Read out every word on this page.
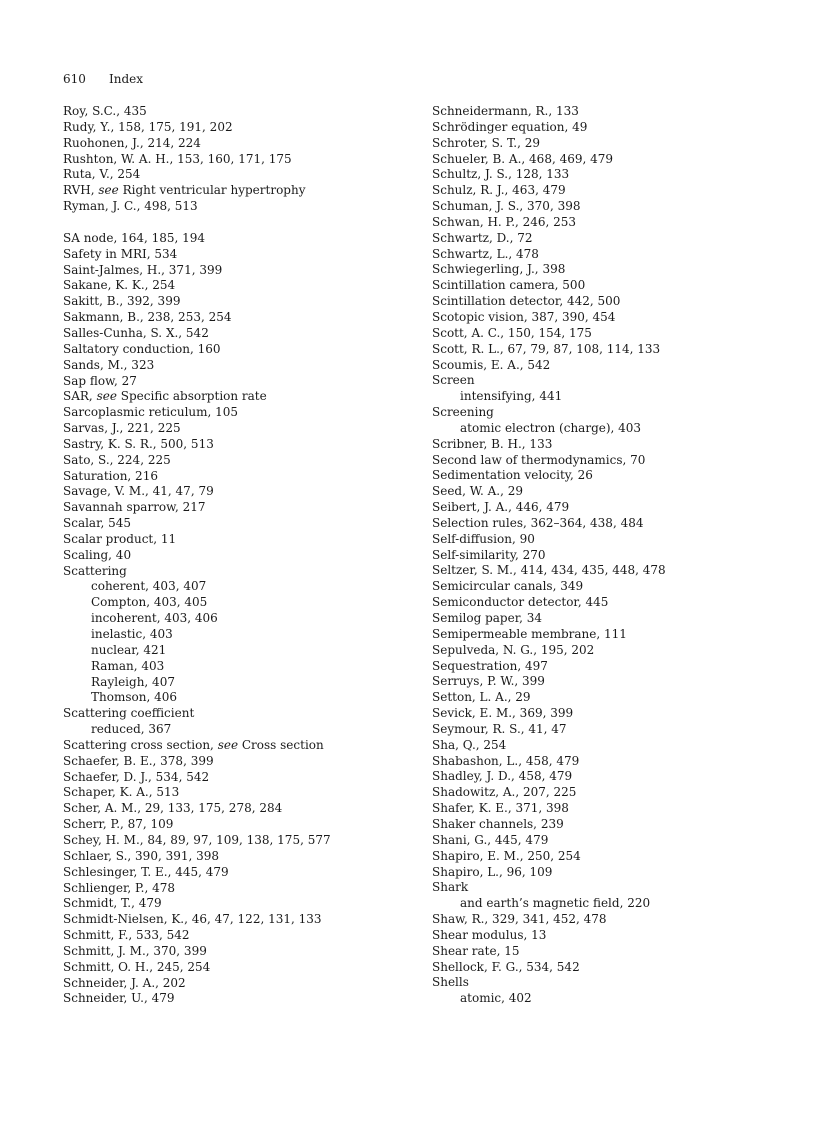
610 Index
Roy, S.C., 435
Rudy, Y., 158, 175, 191, 202
Ruohonen, J., 214, 224
Rushton, W. A. H., 153, 160, 171, 175
Ruta, V., 254
RVH, see Right ventricular hypertrophy
Ryman, J. C., 498, 513
SA node, 164, 185, 194
Safety in MRI, 534
Saint-Jalmes, H., 371, 399
Sakane, K. K., 254
Sakitt, B., 392, 399
Sakmann, B., 238, 253, 254
Salles-Cunha, S. X., 542
Saltatory conduction, 160
Sands, M., 323
Sap flow, 27
SAR, see Specific absorption rate
Sarcoplasmic reticulum, 105
Sarvas, J., 221, 225
Sastry, K. S. R., 500, 513
Sato, S., 224, 225
Saturation, 216
Savage, V. M., 41, 47, 79
Savannah sparrow, 217
Scalar, 545
Scalar product, 11
Scaling, 40
Scattering
coherent, 403, 407
Compton, 403, 405
incoherent, 403, 406
inelastic, 403
nuclear, 421
Raman, 403
Rayleigh, 407
Thomson, 406
Scattering coefficient
reduced, 367
Scattering cross section, see Cross section
Schaefer, B. E., 378, 399
Schaefer, D. J., 534, 542
Schaper, K. A., 513
Scher, A. M., 29, 133, 175, 278, 284
Scherr, P., 87, 109
Schey, H. M., 84, 89, 97, 109, 138, 175, 577
Schlaer, S., 390, 391, 398
Schlesinger, T. E., 445, 479
Schlienger, P., 478
Schmidt, T., 479
Schmidt-Nielsen, K., 46, 47, 122, 131, 133
Schmitt, F., 533, 542
Schmitt, J. M., 370, 399
Schmitt, O. H., 245, 254
Schneider, J. A., 202
Schneider, U., 479
Schneidermann, R., 133
Schrödinger equation, 49
Schroter, S. T., 29
Schueler, B. A., 468, 469, 479
Schultz, J. S., 128, 133
Schulz, R. J., 463, 479
Schuman, J. S., 370, 398
Schwan, H. P., 246, 253
Schwartz, D., 72
Schwartz, L., 478
Schwiegerling, J., 398
Scintillation camera, 500
Scintillation detector, 442, 500
Scotopic vision, 387, 390, 454
Scott, A. C., 150, 154, 175
Scott, R. L., 67, 79, 87, 108, 114, 133
Scoumis, E. A., 542
Screen
intensifying, 441
Screening
atomic electron (charge), 403
Scribner, B. H., 133
Second law of thermodynamics, 70
Sedimentation velocity, 26
Seed, W. A., 29
Seibert, J. A., 446, 479
Selection rules, 362–364, 438, 484
Self-diffusion, 90
Self-similarity, 270
Seltzer, S. M., 414, 434, 435, 448, 478
Semicircular canals, 349
Semiconductor detector, 445
Semilog paper, 34
Semipermeable membrane, 111
Sepulveda, N. G., 195, 202
Sequestration, 497
Serruys, P. W., 399
Setton, L. A., 29
Sevick, E. M., 369, 399
Seymour, R. S., 41, 47
Sha, Q., 254
Shabashon, L., 458, 479
Shadley, J. D., 458, 479
Shadowitz, A., 207, 225
Shafer, K. E., 371, 398
Shaker channels, 239
Shani, G., 445, 479
Shapiro, E. M., 250, 254
Shapiro, L., 96, 109
Shark
and earth’s magnetic field, 220
Shaw, R., 329, 341, 452, 478
Shear modulus, 13
Shear rate, 15
Shellock, F. G., 534, 542
Shells
atomic, 402
